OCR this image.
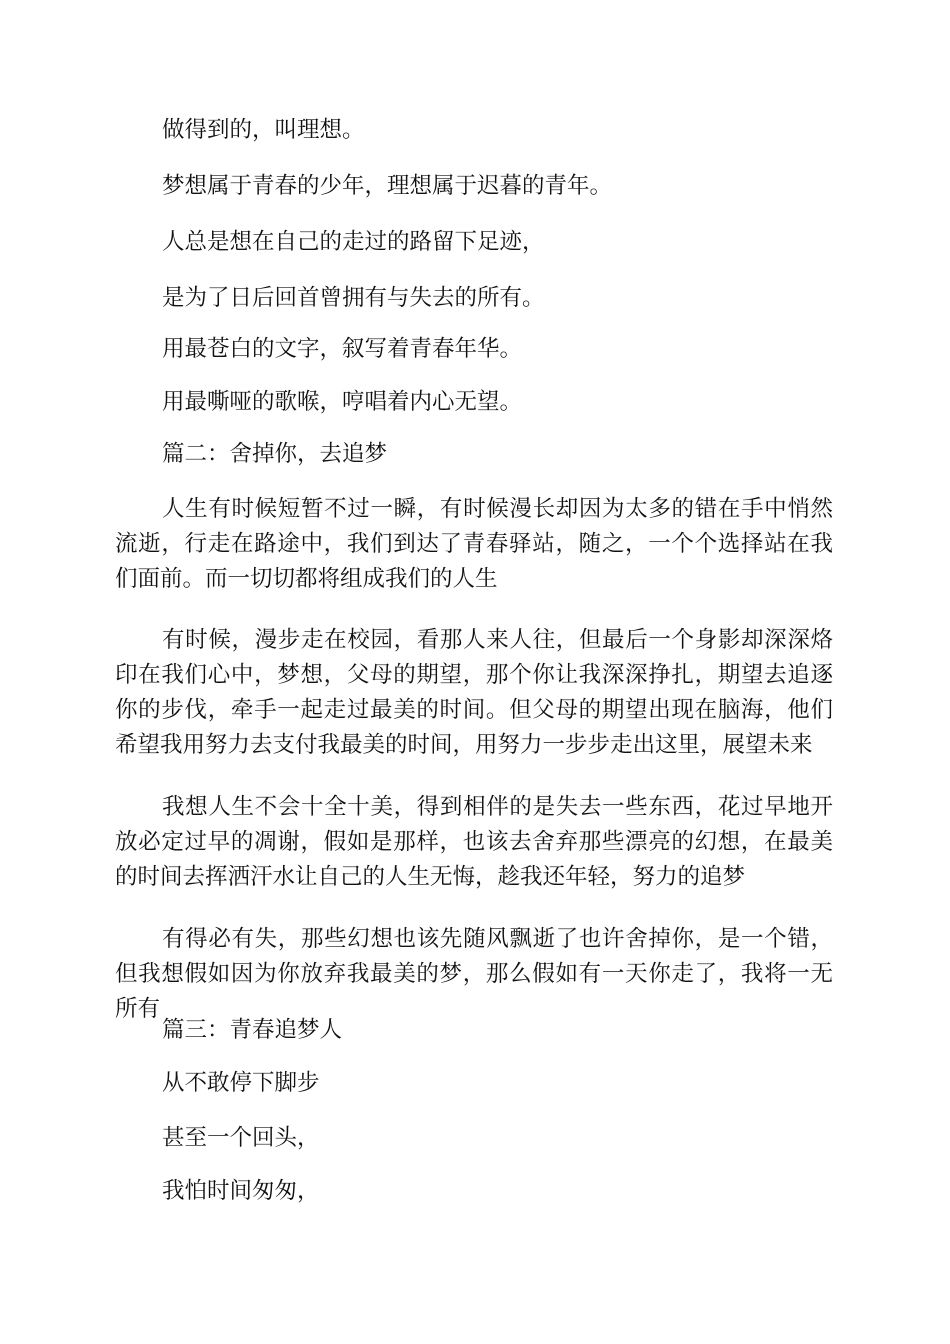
做得到的，叫理想。

梦想属于青春的少年，理想属于迟暮的青年。

人总是想在自己的走过的路留下足迹，

是为了日后回首曾拥有与失去的所有。

用最苍白的文字，叙写着青春年华。

用最嘶哑的歌喉，哼唱着内心无望。

篇二：舍掉你，去追梦

人生有时候短暂不过一瞬，有时候漫长却因为太多的错在手中悄然流逝，行走在路途中，我们到达了青春驿站，随之，一个个选择站在我们面前。而一切切都将组成我们的人生

有时候，漫步走在校园，看那人来人往，但最后一个身影却深深烙印在我们心中，梦想，父母的期望，那个你让我深深挣扎，期望去追逐你的步伐，牵手一起走过最美的时间。但父母的期望出现在脑海，他们希望我用努力去支付我最美的时间，用努力一步步走出这里，展望未来

我想人生不会十全十美，得到相伴的是失去一些东西，花过早地开放必定过早的凋谢，假如是那样，也该去舍弃那些漂亮的幻想，在最美的时间去挥洒汗水让自己的人生无悔，趁我还年轻，努力的追梦

有得必有失，那些幻想也该先随风飘逝了也许舍掉你，是一个错，但我想假如因为你放弃我最美的梦，那么假如有一天你走了，我将一无所有

篇三：青春追梦人

从不敢停下脚步

甚至一个回头，

我怕时间匆匆，
